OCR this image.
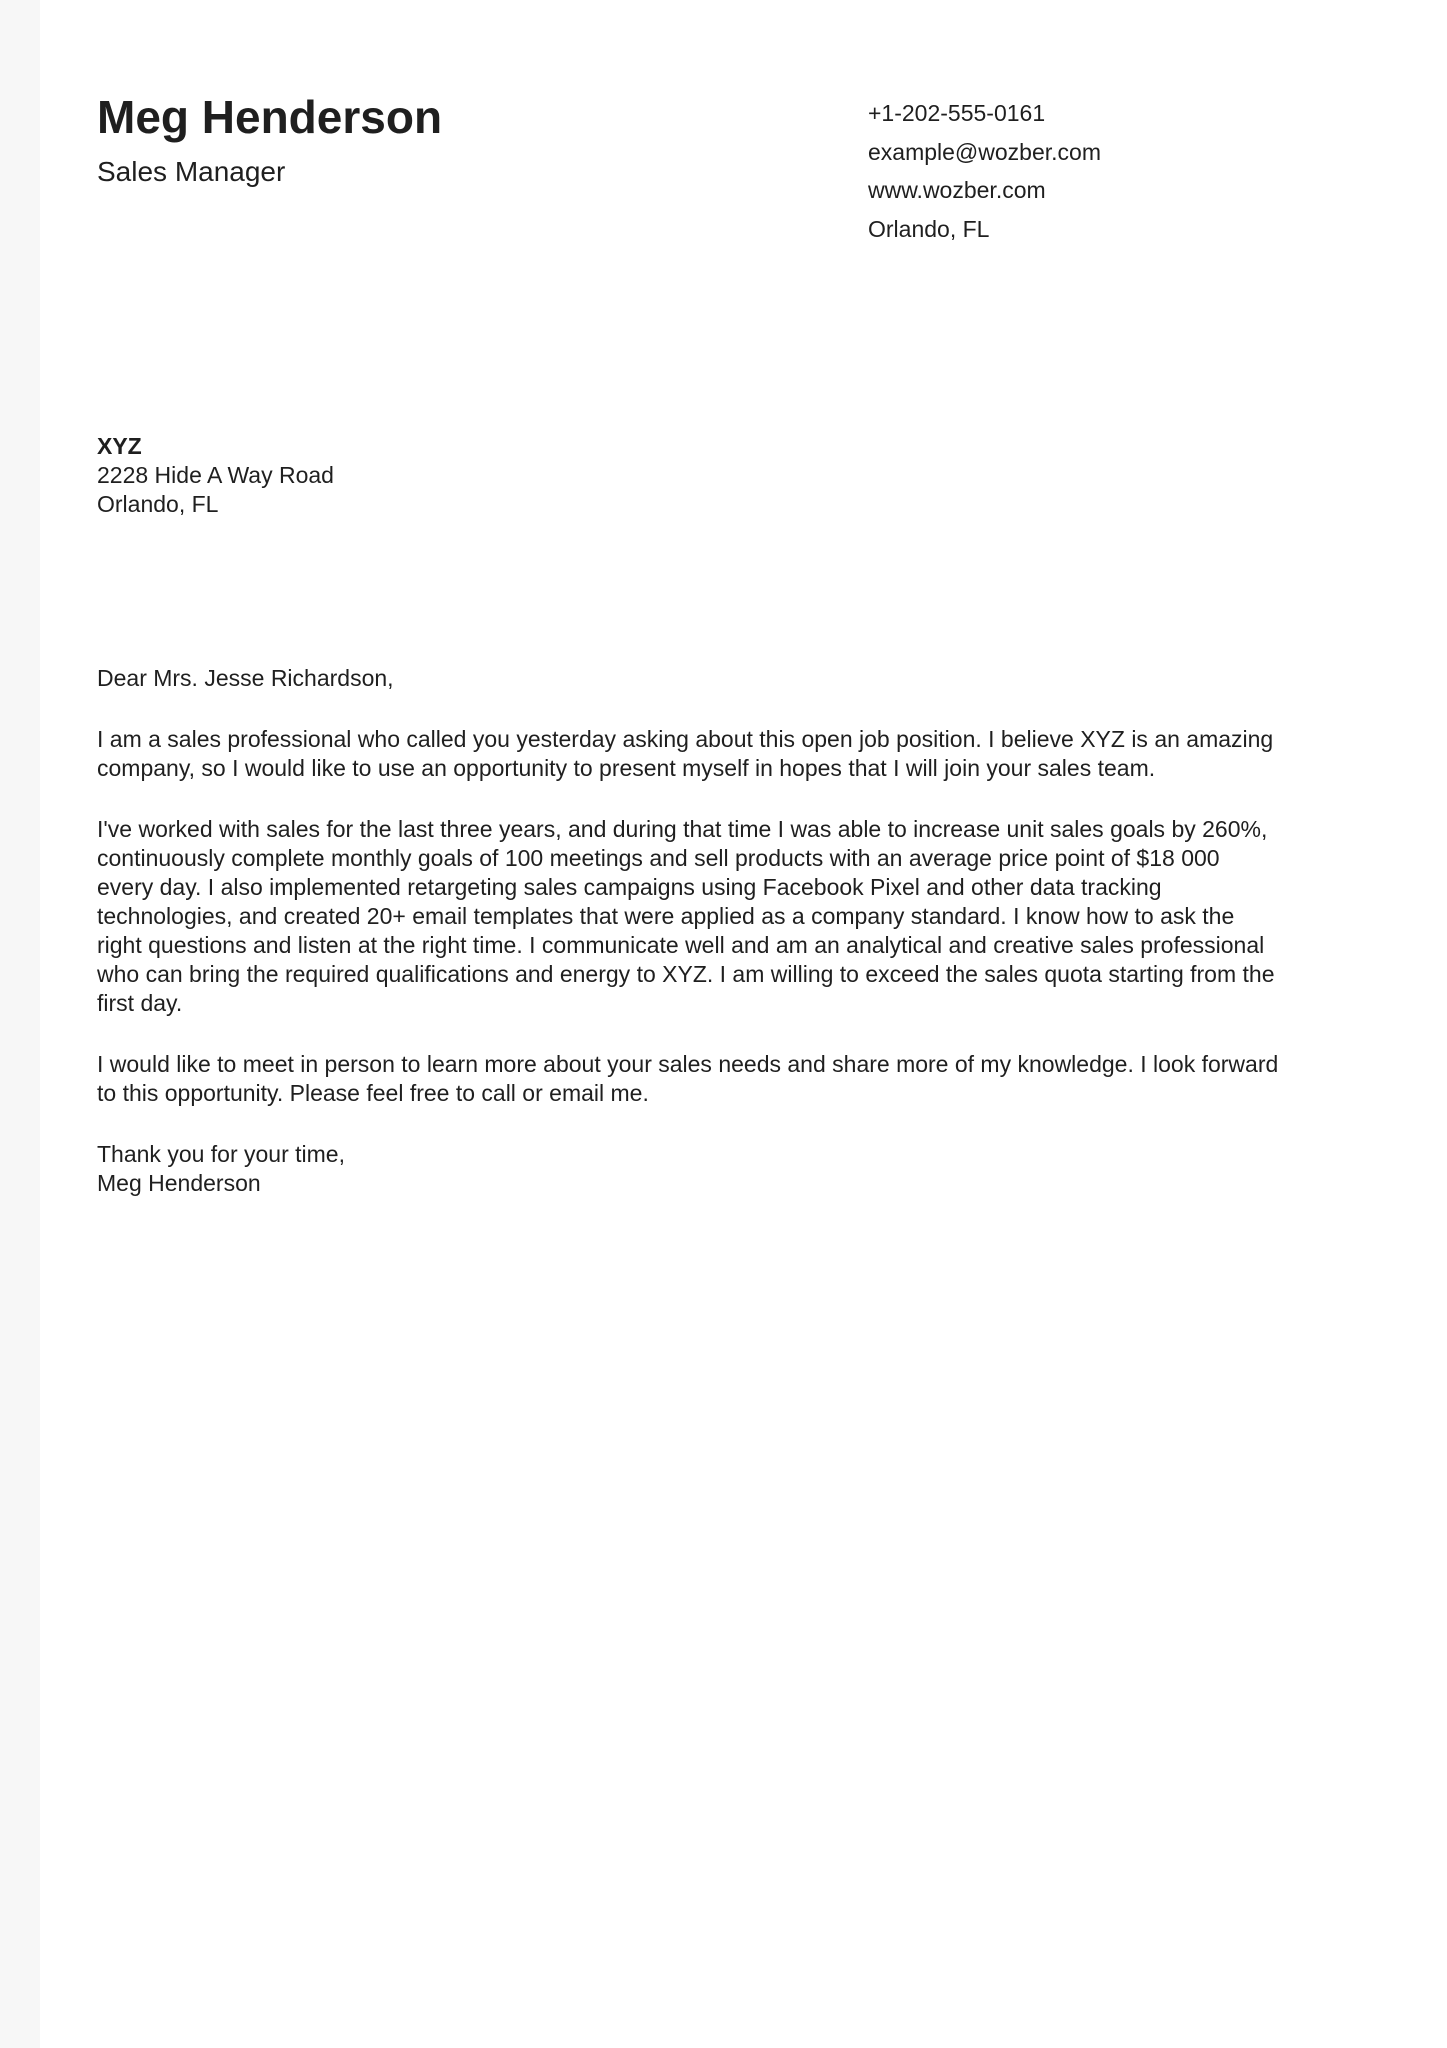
Meg Henderson
Sales Manager
+1-202-555-0161
example@wozber.com
www.wozber.com
Orlando, FL
XYZ
2228 Hide A Way Road
Orlando, FL

Dear Mrs. Jesse Richardson,

I am a sales professional who called you yesterday asking about this open job position. I believe XYZ is an amazing
company, so I would like to use an opportunity to present myself in hopes that I will join your sales team.

I've worked with sales for the last three years, and during that time I was able to increase unit sales goals by 260%,
continuously complete monthly goals of 100 meetings and sell products with an average price point of $18 000
every day. I also implemented retargeting sales campaigns using Facebook Pixel and other data tracking
technologies, and created 20+ email templates that were applied as a company standard. I know how to ask the
right questions and listen at the right time. I communicate well and am an analytical and creative sales professional
who can bring the required qualifications and energy to XYZ. I am willing to exceed the sales quota starting from the
first day.

I would like to meet in person to learn more about your sales needs and share more of my knowledge. I look forward
to this opportunity. Please feel free to call or email me.

Thank you for your time,
Meg Henderson
